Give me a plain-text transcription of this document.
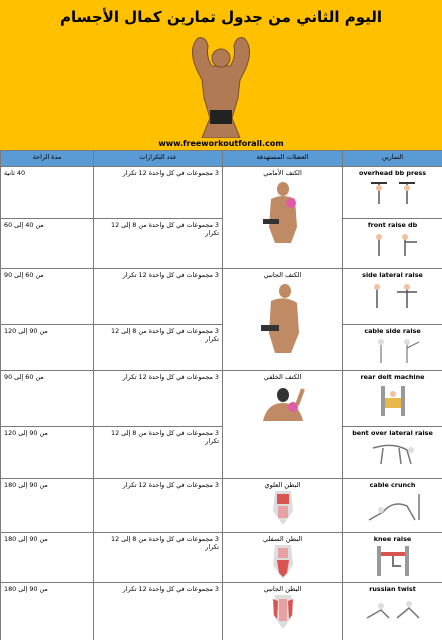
اليوم الثاني من جدول تمارين كمال الأجسام
www.freeworkoutforall.com
مدة الراحة	عدد التكرارات	العضلات المستهدفة	التمارين
40 ثانية	3 مجموعات في كل واحدة 12 تكرار	الكتف الأمامي	overhead bb press

من 40 إلى 60	3 مجموعات في كل واحدة من 8 إلى 12 تكرار		front raise db

من 60 إلى 90	3 مجموعات في كل واحدة 12 تكرار	الكتف الجانبي	side lateral raise

من 90 إلى 120	3 مجموعات في كل واحدة من 8 إلى 12 تكرار		cable side raise

من 60 إلى 90	3 مجموعات في كل واحدة 12 تكرار	الكتف الخلفي	rear delt machine

من 90 إلى 120	3 مجموعات في كل واحدة من 8 إلى 12 تكرار		bent over lateral raise

من 90 إلى 180	3 مجموعات في كل واحدة 12 تكرار	البطن العلوي	cable crunch

من 90 إلى 180	3 مجموعات في كل واحدة من 8 إلى 12 تكرار	البطن السفلي	knee raise

من 90 إلى 180	3 مجموعات في كل واحدة 12 تكرار	البطن الجانبي	russian twist
